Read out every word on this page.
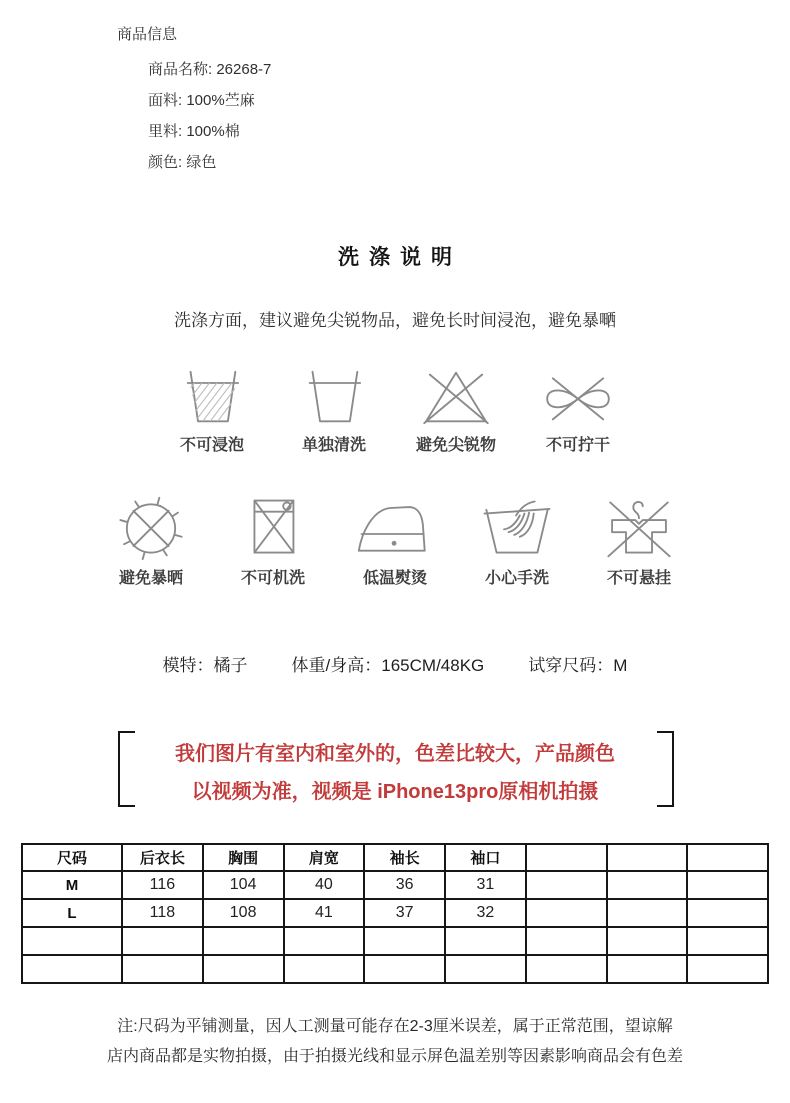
商品信息
商品名称: 26268-7
面料: 100%苎麻
里料: 100%棉
颜色: 绿色
洗涤说明
洗涤方面，建议避免尖锐物品，避免长时间浸泡，避免暴嗮
不可浸泡	单独清洗	避免尖锐物	不可拧干
避免暴晒	不可机洗	低温熨烫	小心手洗	不可悬挂
模特：橘子	体重/身高：165CM/48KG	试穿尺码：M
我们图片有室内和室外的，色差比较大，产品颜色
以视频为准，视频是 iPhone13pro原相机拍摄
尺码	后衣长	胸围	肩宽	袖长	袖口			
M	116	104	40	36	31			
L	118	108	41	37	32			

注:尺码为平铺测量，因人工测量可能存在2-3厘米误差，属于正常范围，望谅解
店内商品都是实物拍摄，由于拍摄光线和显示屏色温差别等因素影响商品会有色差
